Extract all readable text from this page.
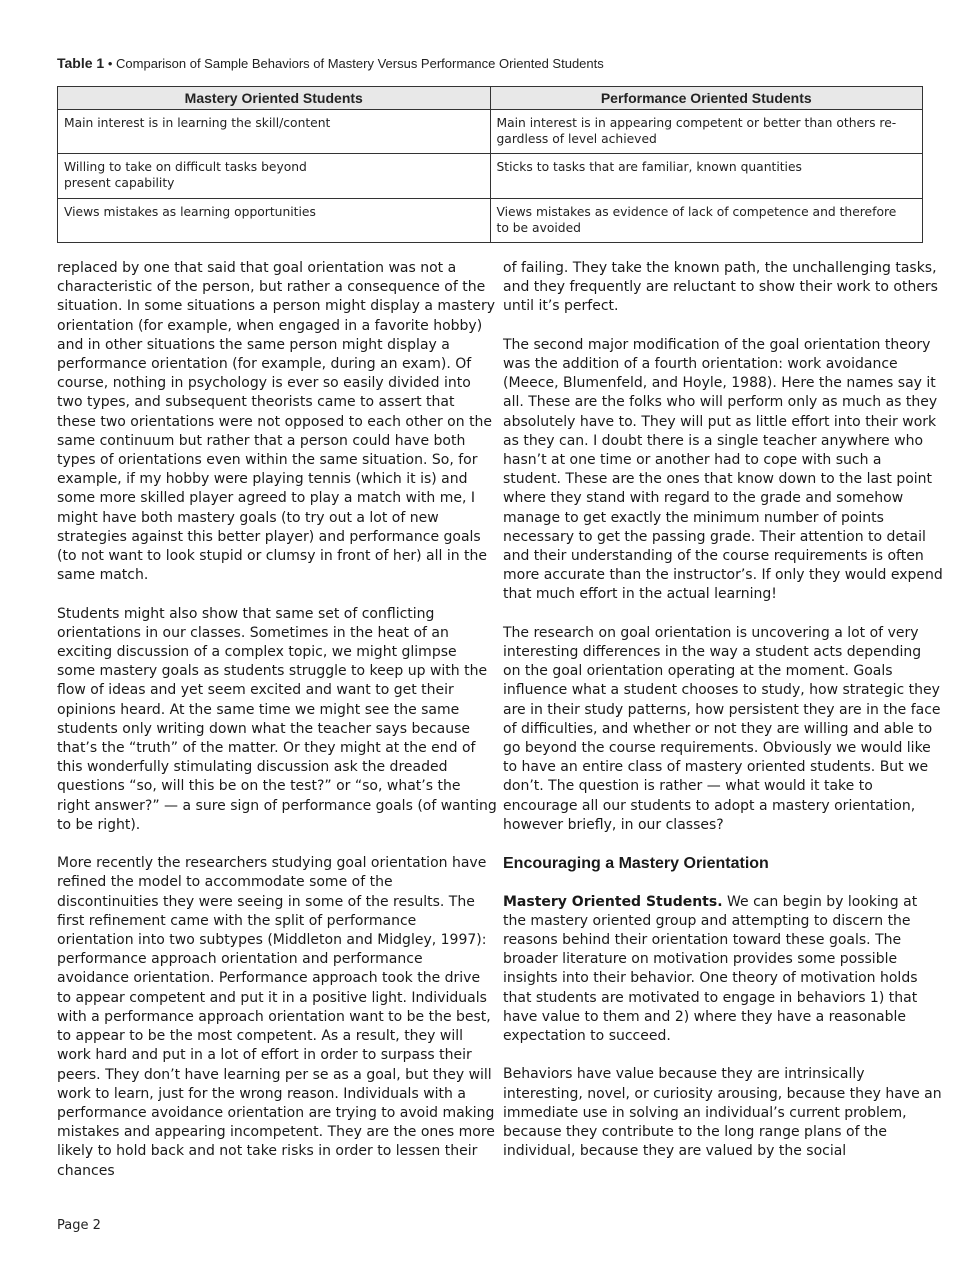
Table 1 • Comparison of Sample Behaviors of Mastery Versus Performance Oriented Students
Mastery Oriented Students	Performance Oriented Students
Main interest is in learning the skill/content	Main interest is in appearing competent or better than others re-
gardless of level achieved
Willing to take on difficult tasks beyond
present capability	Sticks to tasks that are familiar, known quantities
Views mistakes as learning opportunities	Views mistakes as evidence of lack of competence and therefore
to be avoided

replaced by one that said that goal orientation was not a characteristic of the person, but rather a consequence of the situation. In some situations a person might display a mastery orientation (for example, when engaged in a favorite hobby) and in other situations the same person might display a performance orientation (for example, during an exam). Of course, nothing in psychology is ever so easily divided into two types, and subsequent theorists came to assert that these two orientations were not opposed to each other on the same continuum but rather that a person could have both types of orientations even within the same situation. So, for example, if my hobby were playing tennis (which it is) and some more skilled player agreed to play a match with me, I might have both mastery goals (to try out a lot of new strategies against this better player) and performance goals (to not want to look stupid or clumsy in front of her) all in the same match.

Students might also show that same set of conflicting orientations in our classes. Sometimes in the heat of an exciting discussion of a complex topic, we might glimpse some mastery goals as students struggle to keep up with the flow of ideas and yet seem excited and want to get their opinions heard. At the same time we might see the same students only writing down what the teacher says because that’s the “truth” of the matter. Or they might at the end of this wonderfully stimulating discussion ask the dreaded questions “so, will this be on the test?” or “so, what’s the right answer?” — a sure sign of performance goals (of wanting to be right).

More recently the researchers studying goal orientation have refined the model to accommodate some of the discontinuities they were seeing in some of the results. The first refinement came with the split of performance orientation into two subtypes (Middleton and Midgley, 1997): performance approach orientation and performance avoidance orientation. Performance approach took the drive to appear competent and put it in a positive light. Individuals with a performance approach orientation want to be the best, to appear to be the most competent. As a result, they will work hard and put in a lot of effort in order to surpass their peers. They don’t have learning per se as a goal, but they will work to learn, just for the wrong reason. Individuals with a performance avoidance orientation are trying to avoid making mistakes and appearing incompetent. They are the ones more likely to hold back and not take risks in order to lessen their chances

of failing. They take the known path, the unchallenging tasks, and they frequently are reluctant to show their work to others until it’s perfect.

The second major modification of the goal orientation theory was the addition of a fourth orientation: work avoidance (Meece, Blumenfeld, and Hoyle, 1988). Here the names say it all. These are the folks who will perform only as much as they absolutely have to. They will put as little effort into their work as they can. I doubt there is a single teacher anywhere who hasn’t at one time or another had to cope with such a student. These are the ones that know down to the last point where they stand with regard to the grade and somehow manage to get exactly the minimum number of points necessary to get the passing grade. Their attention to detail and their understanding of the course requirements is often more accurate than the instructor’s. If only they would expend that much effort in the actual learning!

The research on goal orientation is uncovering a lot of very interesting differences in the way a student acts depending on the goal orientation operating at the moment. Goals influence what a student chooses to study, how strategic they are in their study patterns, how persistent they are in the face of difficulties, and whether or not they are willing and able to go beyond the course requirements. Obviously we would like to have an entire class of mastery oriented students. But we don’t. The question is rather — what would it take to encourage all our students to adopt a mastery orientation, however briefly, in our classes?

Encouraging a Mastery Orientation

Mastery Oriented Students. We can begin by looking at the mastery oriented group and attempting to discern the reasons behind their orientation toward these goals. The broader literature on motivation provides some possible insights into their behavior. One theory of motivation holds that students are motivated to engage in behaviors 1) that have value to them and 2) where they have a reasonable expectation to succeed.

Behaviors have value because they are intrinsically interesting, novel, or curiosity arousing, because they have an immediate use in solving an individual’s current problem, because they contribute to the long range plans of the individual, because they are valued by the social

Page 2
